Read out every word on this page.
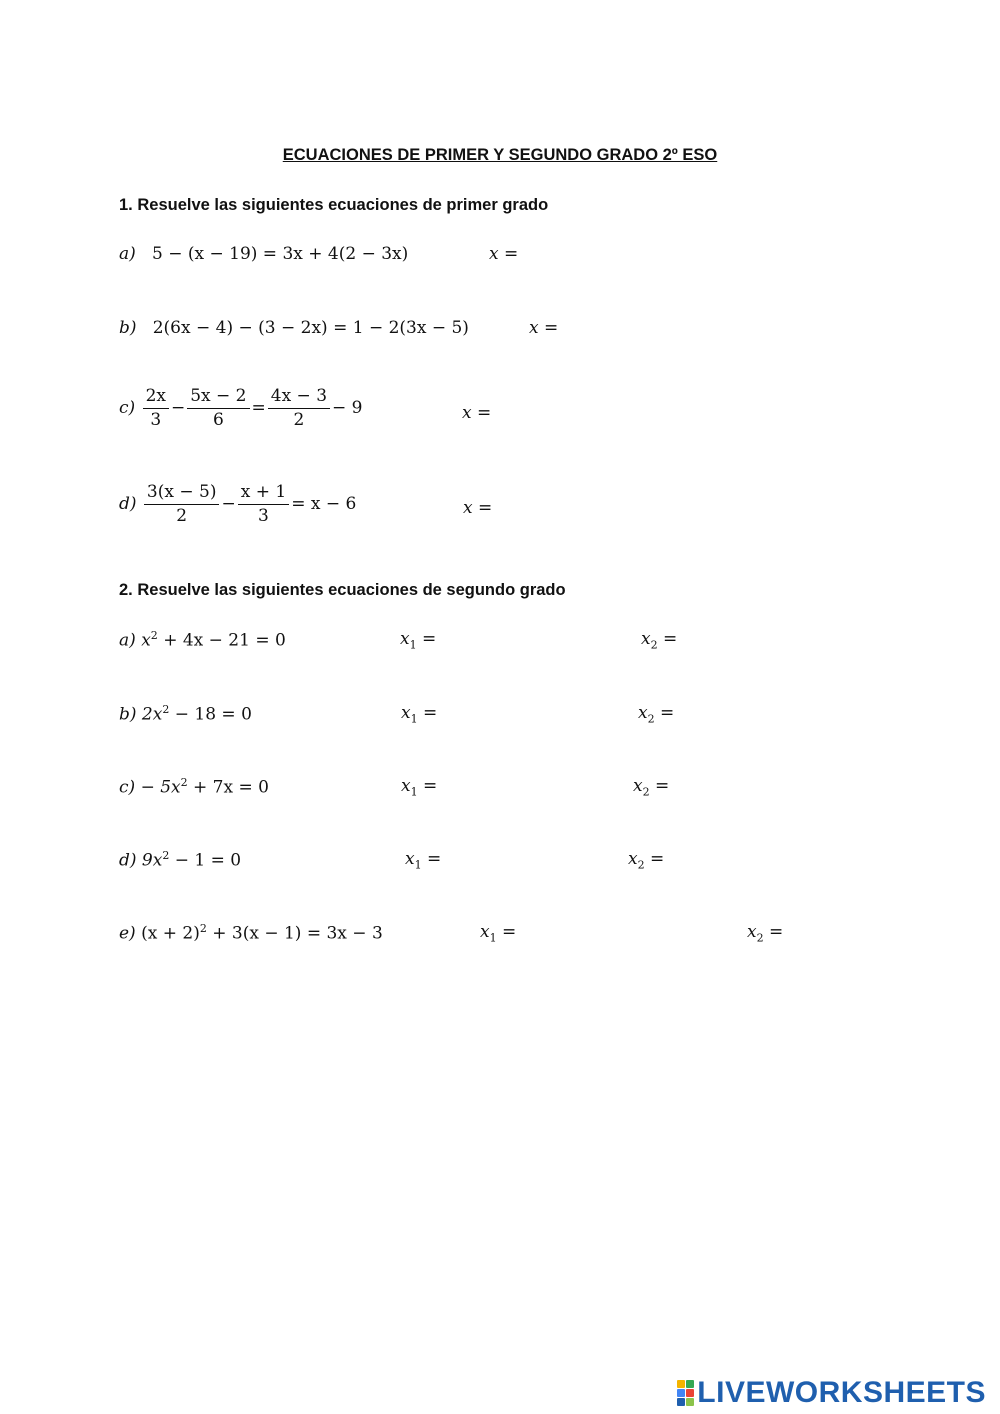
ECUACIONES DE PRIMER Y SEGUNDO GRADO 2º ESO
1. Resuelve las siguientes ecuaciones de primer grado
a) 5 − (x − 19) = 3x + 4(2 − 3x)	x =
b) 2(6x − 4) − (3 − 2x) = 1 − 2(3x − 5)	x =
$c) \frac{2x}{3} - \frac{5x - 2}{6} = \frac{4x - 3}{2} - 9$	x =
$d) \frac{3(x - 5)}{2} - \frac{x + 1}{3} = x - 6$	x =
2. Resuelve las siguientes ecuaciones de segundo grado
a) $x^2 + 4x - 21 = 0$	$x_1$ =	$x_2$ =
b) $2x^2 - 18 = 0$	$x_1$ =	$x_2$ =
$c) - 5x^2 + 7x = 0$	$x_1$ =	$x_2$ =
d) $9x^2 - 1 = 0$	$x_1$ =	$x_2$ =
e) $(x + 2)^2 + 3(x - 1) = 3x - 3$	$x_1$ =	$x_2$ =
LIVEWORKSHEETS
